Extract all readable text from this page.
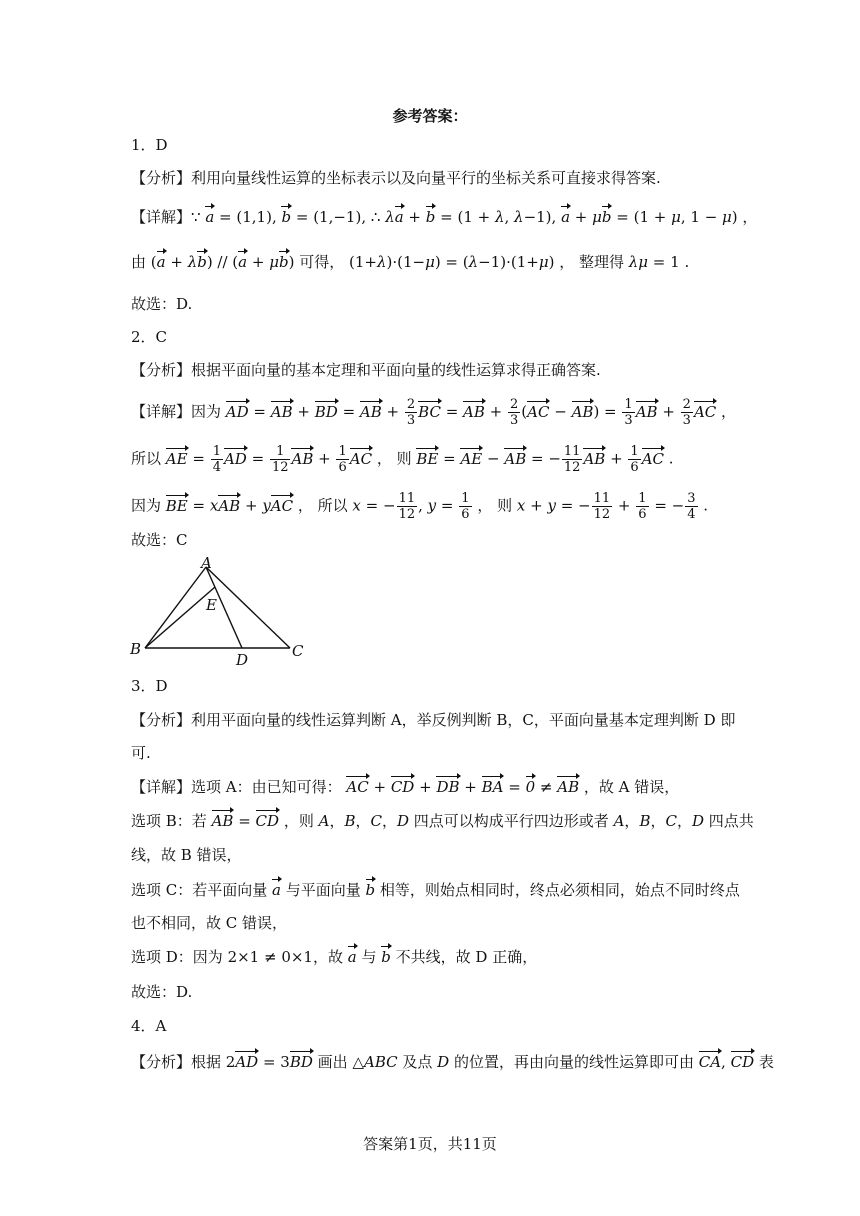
参考答案：
1．D
【分析】利用向量线性运算的坐标表示以及向量平行的坐标关系可直接求得答案.
【详解】∵ a = (1,1), b = (1,−1), ∴ λa + b = (1 + λ, λ−1), a + μb = (1 + μ, 1 − μ) ，
由 (a + λb) // (a + μb) 可得， (1+λ)·(1−μ) = (λ−1)·(1+μ) ， 整理得 λμ = 1 .
故选：D.
2．C
【分析】根据平面向量的基本定理和平面向量的线性运算求得正确答案.
【详解】因为 AD = AB + BD = AB + $\frac{2}{3}$ BC = AB + $\frac{2}{3} (AC - AB) = \frac{1}{3}$ AB + $\frac{2}{3}$ AC ，
所以 AE = $\frac{1}{4}$ AD = $\frac{1}{12}$ AB + $\frac{1}{6}$ AC ， 则 BE = AE − AB = − $\frac{11}{12}$ AB + $\frac{1}{6}$ AC .
因为 BE = xAB + yAC ， 所以 x = − $\frac{11}{12}$ , $y = \frac{1}{6}$ ， 则 x + y = − $\frac{11}{12} + \frac{1}{6}$ = − $\frac{3}{4}$ .
故选：C
A
E
B
D	C
3．D
【分析】利用平面向量的线性运算判断 A，举反例判断 B，C，平面向量基本定理判断 D 即
可.
【详解】选项 A：由已知可得： AC + CD + DB + BA = 0 ≠ AB ，故 A 错误，
选项 B：若 AB = CD ，则 A，B，C，D 四点可以构成平行四边形或者 A，B，C，D 四点共
线，故 B 错误，
选项 C：若平面向量 a 与平面向量 b 相等，则始点相同时，终点必须相同，始点不同时终点
也不相同，故 C 错误，
选项 D：因为 2×1 ≠ 0×1，故 a 与 b 不共线，故 D 正确，
故选：D.
4．A
【分析】根据 2AD = 3BD 画出 △ABC 及点 D 的位置，再由向量的线性运算即可由 CA, CD 表
答案第1页，共11页
